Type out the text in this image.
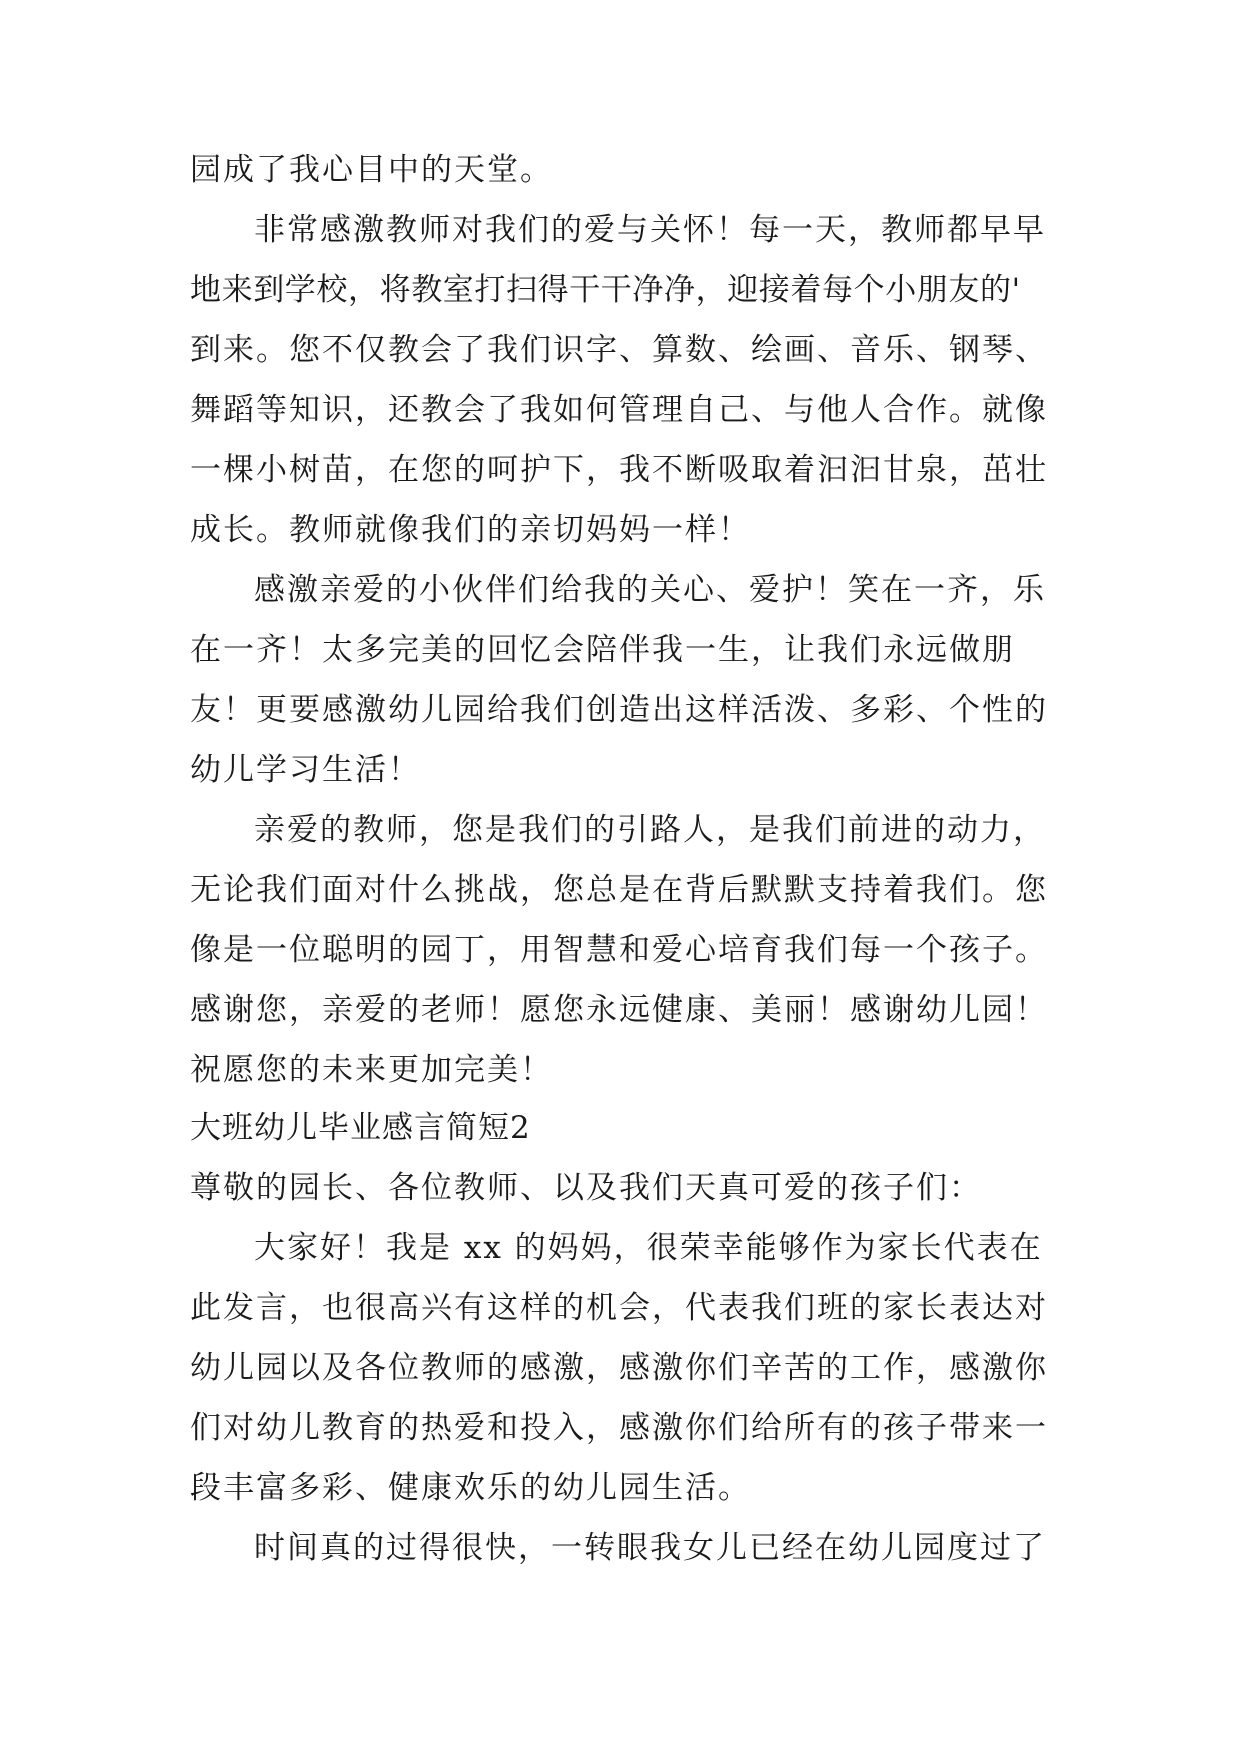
园成了我心目中的天堂。
非常感激教师对我们的爱与关怀！每一天，教师都早早
地来到学校，将教室打扫得干干净净，迎接着每个小朋友的'
到来。您不仅教会了我们识字、算数、绘画、音乐、钢琴、
舞蹈等知识，还教会了我如何管理自己、与他人合作。就像
一棵小树苗，在您的呵护下，我不断吸取着汩汩甘泉，茁壮
成长。教师就像我们的亲切妈妈一样！
感激亲爱的小伙伴们给我的关心、爱护！笑在一齐，乐
在一齐！太多完美的回忆会陪伴我一生，让我们永远做朋
友！更要感激幼儿园给我们创造出这样活泼、多彩、个性的
幼儿学习生活！
亲爱的教师，您是我们的引路人，是我们前进的动力，
无论我们面对什么挑战，您总是在背后默默支持着我们。您
像是一位聪明的园丁，用智慧和爱心培育我们每一个孩子。
感谢您，亲爱的老师！愿您永远健康、美丽！感谢幼儿园！
祝愿您的未来更加完美！
大班幼儿毕业感言简短2
尊敬的园长、各位教师、以及我们天真可爱的孩子们：
大家好！我是 xx 的妈妈，很荣幸能够作为家长代表在
此发言，也很高兴有这样的机会，代表我们班的家长表达对
幼儿园以及各位教师的感激，感激你们辛苦的工作，感激你
们对幼儿教育的热爱和投入，感激你们给所有的孩子带来一
段丰富多彩、健康欢乐的幼儿园生活。
时间真的过得很快，一转眼我女儿已经在幼儿园度过了
